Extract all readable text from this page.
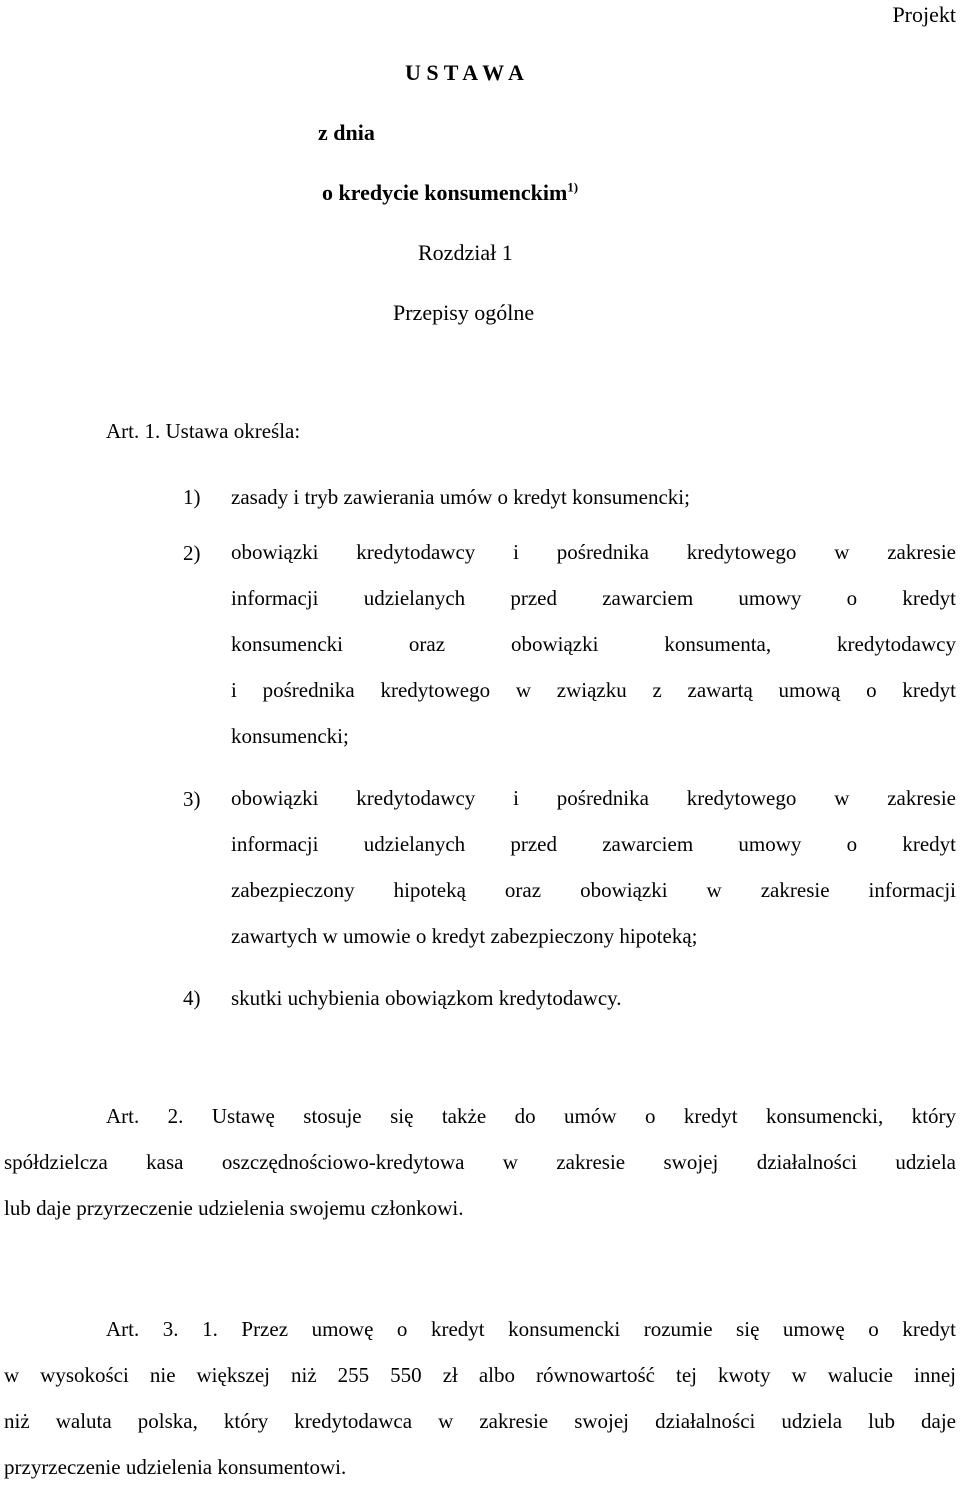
Projekt
U S T A W A
z dnia
o kredycie konsumenckim$^{1)}$
Rozdział 1
Przepisy ogólne
Art. 1. Ustawa określa:
1) zasady i tryb zawierania umów o kredyt konsumencki;
2) obowiązki kredytodawcy i pośrednika kredytowego w zakresie
informacji udzielanych przed zawarciem umowy o kredyt
konsumencki oraz obowiązki konsumenta, kredytodawcy
i pośrednika kredytowego w związku z zawartą umową o kredyt
konsumencki;
3) obowiązki kredytodawcy i pośrednika kredytowego w zakresie
informacji udzielanych przed zawarciem umowy o kredyt
zabezpieczony hipoteką oraz obowiązki w zakresie informacji
zawartych w umowie o kredyt zabezpieczony hipoteką;
4) skutki uchybienia obowiązkom kredytodawcy.
Art. 2. Ustawę stosuje się także do umów o kredyt konsumencki, który
spółdzielcza kasa oszczędnościowo-kredytowa w zakresie swojej działalności udziela
lub daje przyrzeczenie udzielenia swojemu członkowi.
Art. 3. 1. Przez umowę o kredyt konsumencki rozumie się umowę o kredyt
w wysokości nie większej niż 255 550 zł albo równowartość tej kwoty w walucie innej
niż waluta polska, który kredytodawca w zakresie swojej działalności udziela lub daje
przyrzeczenie udzielenia konsumentowi.
